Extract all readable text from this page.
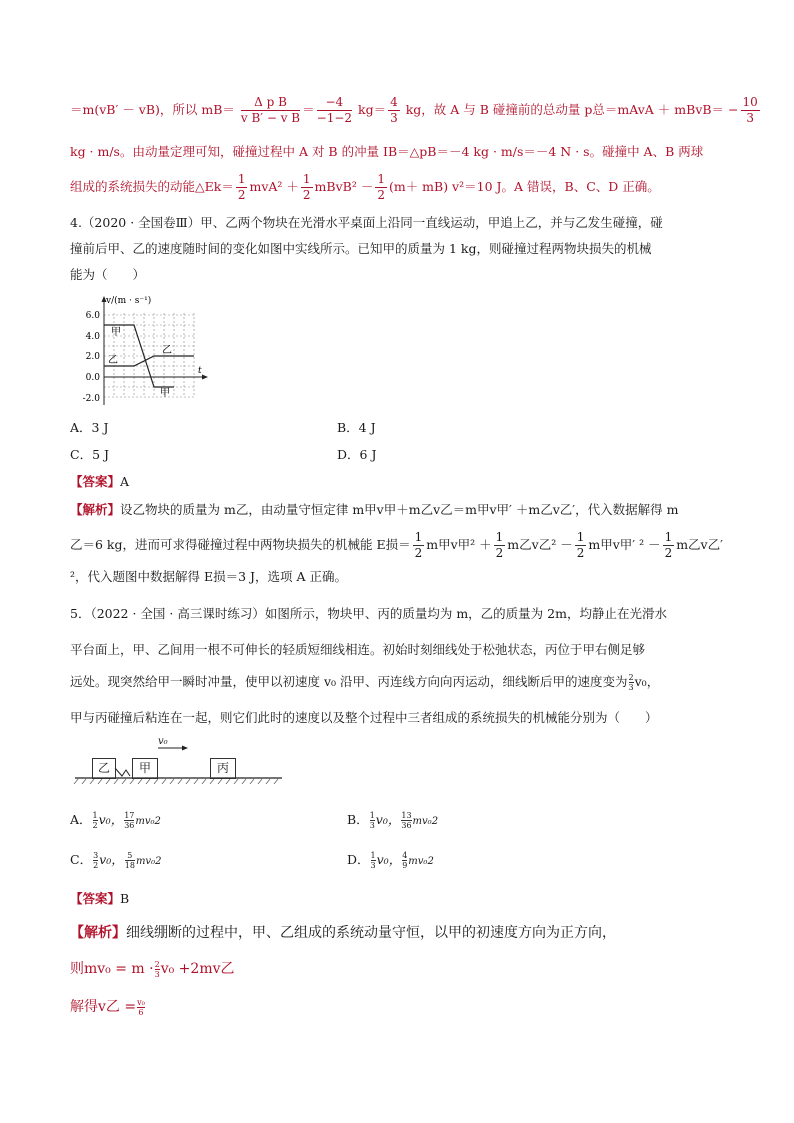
＝m(vB′ － vB)，所以 $mB= \frac{\text{Δ p B}}{\text{v B′ − v B}} = \frac{-4}{-1-2} kg= \frac{4}{3}$ kg，故 A 与 B 碰撞前的总动量 p总＝mAvA ＋ mBvB＝ − $\frac{10}{3}$
kg · m/s。由动量定理可知，碰撞过程中 A 对 B 的冲量 IB＝△pB＝－4 kg · m/s＝－4 N · s。碰撞中 A、B 两球
组成的系统损失的动能△Ek＝ $\frac{1}{2} mvA^2 + \frac{1}{2}$ mBvB² － $\frac{1}{2} (m+ mB)$ v²＝10 J。A 错误，B、C、D 正确。
4.（2020 · 全国卷Ⅲ）甲、乙两个物块在光滑水平桌面上沿同一直线运动，甲追上乙，并与乙发生碰撞，碰
撞前后甲、乙的速度随时间的变化如图中实线所示。已知甲的质量为 1 kg，则碰撞过程两物块损失的机械
能为（　　）
v/(m · s⁻¹)
t
6.0
4.0
2.0
0.0
-2.0
甲
乙
乙
甲
A．3 J	B．4 J
C．5 J	D．6 J
【答案】A
【解析】设乙物块的质量为 m乙，由动量守恒定律 m甲v甲＋m乙v乙＝m甲v甲′ ＋m乙v乙′，代入数据解得 m
乙＝6 kg，进而可求得碰撞过程中两物块损失的机械能 E损＝ $\frac{1}{2}$ m甲v甲$^2 + \frac{1}{2}$ m乙v乙$^2 - \frac{1}{2}$ m甲v甲′ $^2 - \frac{1}{2}$ m乙v乙′
²，代入题图中数据解得 E损＝3 J，选项 A 正确。
5．（2022 · 全国 · 高三课时练习）如图所示，物块甲、丙的质量均为 m，乙的质量为 2m，均静止在光滑水
平台面上，甲、乙间用一根不可伸长的轻质短细线相连。初始时刻细线处于松弛状态，丙位于甲右侧足够
远处。现突然给甲一瞬时冲量，使甲以初速度 v₀ 沿甲、丙连线方向向丙运动，细线断后甲的速度变为 $\frac{2}{3} v_0$，
甲与丙碰撞后粘连在一起，则它们此时的速度以及整个过程中三者组成的系统损失的机械能分别为（　　）
乙	甲	丙
v₀
A． $\frac{1}{2} v_0$， $\frac{17}{36} mv_02$	B． $\frac{1}{3} v_0$， $\frac{13}{36} mv_02$
C． $\frac{3}{2} v_0$， $\frac{5}{18} mv_02$	D． $\frac{1}{3} v_0$， $\frac{4}{9} mv_02$
【答案】B
【解析】细线绷断的过程中，甲、乙组成的系统动量守恒，以甲的初速度方向为正方向，
则$mv_0 = m \cdot \frac{2}{3} v_0 +2mv$乙
解得v乙 = $\frac{\text{v₀}}{6}$
